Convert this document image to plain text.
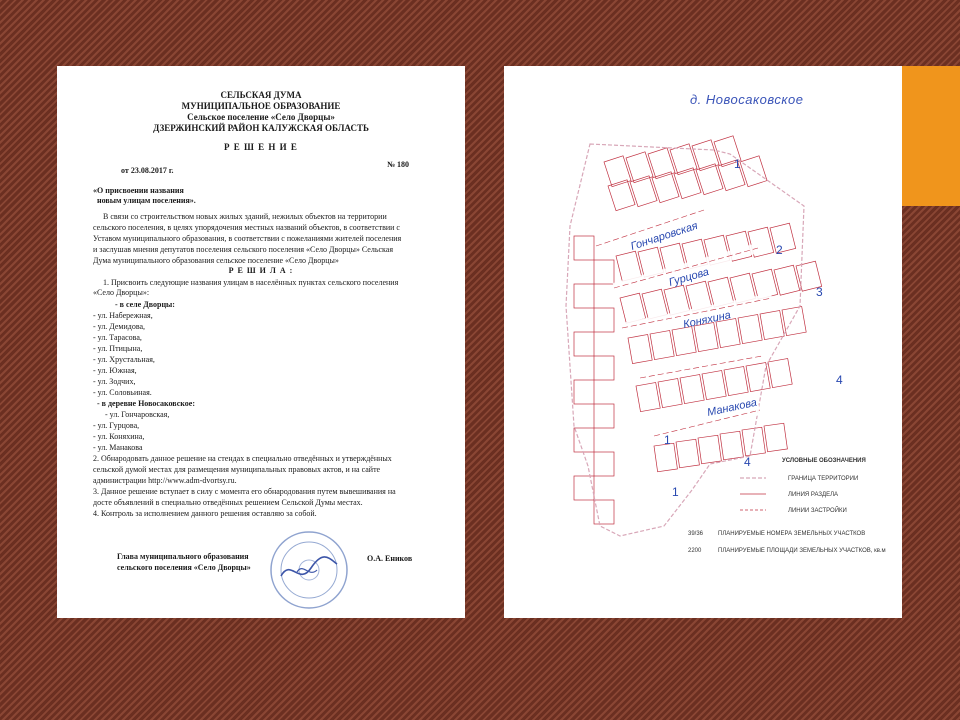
СЕЛЬСКАЯ ДУМА
МУНИЦИПАЛЬНОЕ ОБРАЗОВАНИЕ
Сельское поселение «Село Дворцы»
ДЗЕРЖИНСКИЙ РАЙОН КАЛУЖСКАЯ ОБЛАСТЬ
Р Е Ш Е Н И Е
от 23.08.2017 г.
№ 180
«О присвоении названия
новым улицам поселения».
В связи со строительством новых жилых зданий, нежилых объектов на территории
сельского поселения, в целях упорядочения местных названий объектов, в соответствии с
Уставом муниципального образования, в соответствии с пожеланиями жителей поселения
и заслушав мнения депутатов поселения сельского поселения «Село Дворцы» Сельская
Дума муниципального образования сельское поселение «Село Дворцы»
Р Е Ш И Л А :
1. Присвоить следующие названия улицам в населённых пунктах сельского поселения
«Село Дворцы»:
- в селе Дворцы:
- ул. Набережная,
- ул. Демидова,
- ул. Тарасова,
- ул. Птицына,
- ул. Хрустальная,
- ул. Южная,
- ул. Зодчих,
- ул. Соловьиная.
- в деревне Новосаковское:
- ул. Гончаровская,
- ул. Гурцова,
- ул. Коняхина,
- ул. Манакова
2. Обнародовать данное решение на стендах в специально отведённых и утверждённых
сельской думой местах для размещения муниципальных правовых актов, и на сайте
администрации http://www.adm-dvortsy.ru.
3. Данное решение вступает в силу с момента его обнародования путем вывешивания на
досте объявлений в специально отведённых решением Сельской Думы местах.
4. Контроль за исполнением данного решения оставляю за собой.
Глава муниципального образования
сельского поселения «Село Дворцы»
О.А. Еников
д. Новосаковское
Гончаровская
Гурцова
Коняхина
Манакова
1
2
3
4
1
4
1
УСЛОВНЫЕ ОБОЗНАЧЕНИЯ
ГРАНИЦА ТЕРРИТОРИИ
ЛИНИЯ РАЗДЕЛА
ЛИНИИ ЗАСТРОЙКИ
39/36 ПЛАНИРУЕМЫЕ НОМЕРА ЗЕМЕЛЬНЫХ УЧАСТКОВ
2200	ПЛАНИРУЕМЫЕ ПЛОЩАДИ ЗЕМЕЛЬНЫХ УЧАСТКОВ, кв.м
